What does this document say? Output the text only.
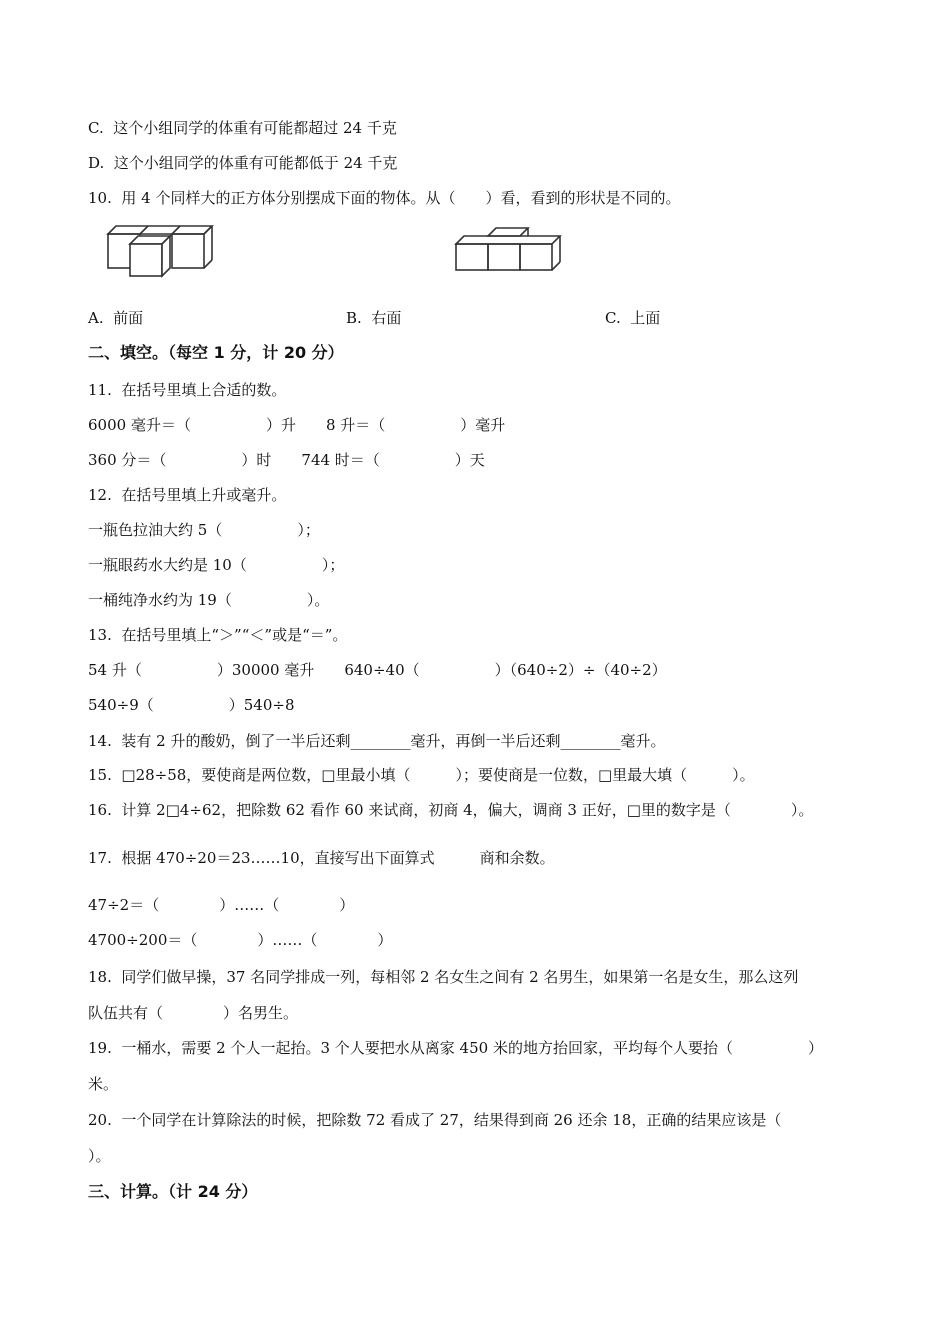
C.  这个小组同学的体重有可能都超过 24 千克
D.  这个小组同学的体重有可能都低于 24 千克
10.  用 4 个同样大的正方体分别摆成下面的物体。从（　　）看，看到的形状是不同的。
A.  前面	B.  右面	C.  上面
二、填空。（每空 1 分，计 20 分）
11.  在括号里填上合适的数。
6000 毫升＝（　　　　　）升　　8 升＝（　　　　　）毫升
360 分＝（　　　　　）时　　744 时＝（　　　　　）天
12.  在括号里填上升或毫升。
一瓶色拉油大约 5（　　　　　）；
一瓶眼药水大约是 10（　　　　　）；
一桶纯净水约为 19（　　　　　）。
13.  在括号里填上“＞”“＜”或是“＝”。
54 升（　　　　　）30000 毫升　　640÷40（　　　　　）（640÷2）÷（40÷2）
540÷9（　　　　　）540÷8
14.  装有 2 升的酸奶，倒了一半后还剩________毫升，再倒一半后还剩________毫升。
15.  □28÷58，要使商是两位数，□里最小填（　　　）；要使商是一位数，□里最大填（　　　）。
16.  计算 2□4÷62，把除数 62 看作 60 来试商，初商 4，偏大，调商 3 正好，□里的数字是（　　　　）。
17.  根据 470÷20＝23……10，直接写出下面算式　　　商和余数。
47÷2＝（　　　　）……（　　　　）
4700÷200＝（　　　　）……（　　　　）
18.  同学们做早操，37 名同学排成一列，每相邻 2 名女生之间有 2 名男生，如果第一名是女生，那么这列
队伍共有（　　　　）名男生。
19.  一桶水，需要 2 个人一起抬。3 个人要把水从离家 450 米的地方抬回家，平均每个人要抬（　　　　　）
米。
20.  一个同学在计算除法的时候，把除数 72 看成了 27，结果得到商 26 还余 18，正确的结果应该是（
）。
三、计算。（计 24 分）
